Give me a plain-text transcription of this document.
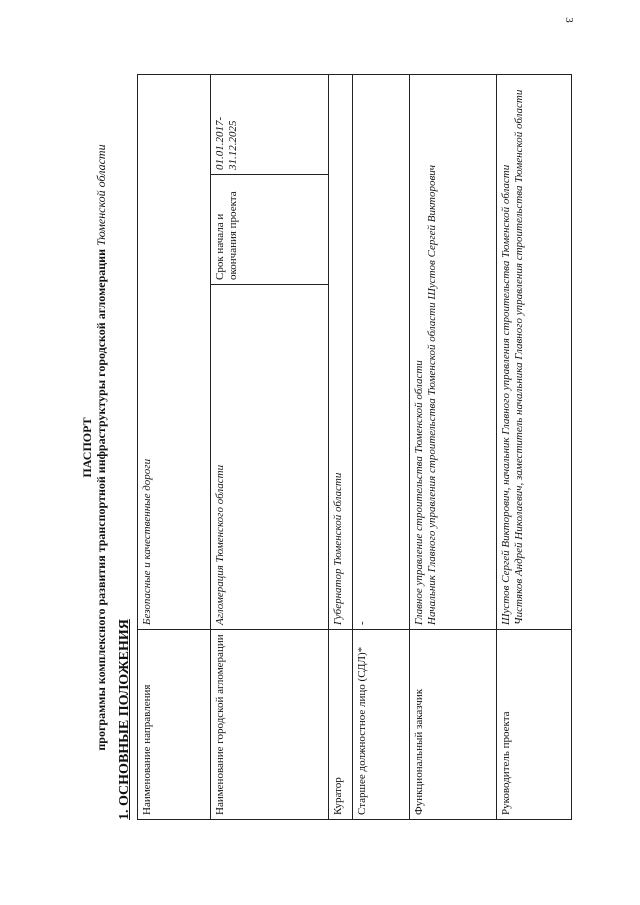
3
ПАСПОРТ программы комплексного развития транспортной инфраструктуры городской агломерации Тюменской области
1. ОСНОВНЫЕ ПОЛОЖЕНИЯ Наименование направления	Безопасные и качественные дороги		
Наименование городской агломерации	Агломерация Тюменского области	Срок начала и окончания проекта	01.01.2017-31.12.2025
Куратор	Губернатор Тюменской области		
Старшее должностное лицо (СДЛ)*	-		
Функциональный заказчик	Главное управление строительства Тюменской области Начальник Главного управления строительства Тюменской области Шустов Сергей Викторович		

Руководитель проекта	Шустов Сергей Викторович, начальник Главного управления строительства Тюменской области Чистяков Андрей Николаевич, заместитель начальника Главного управления строительства Тюменской области		
